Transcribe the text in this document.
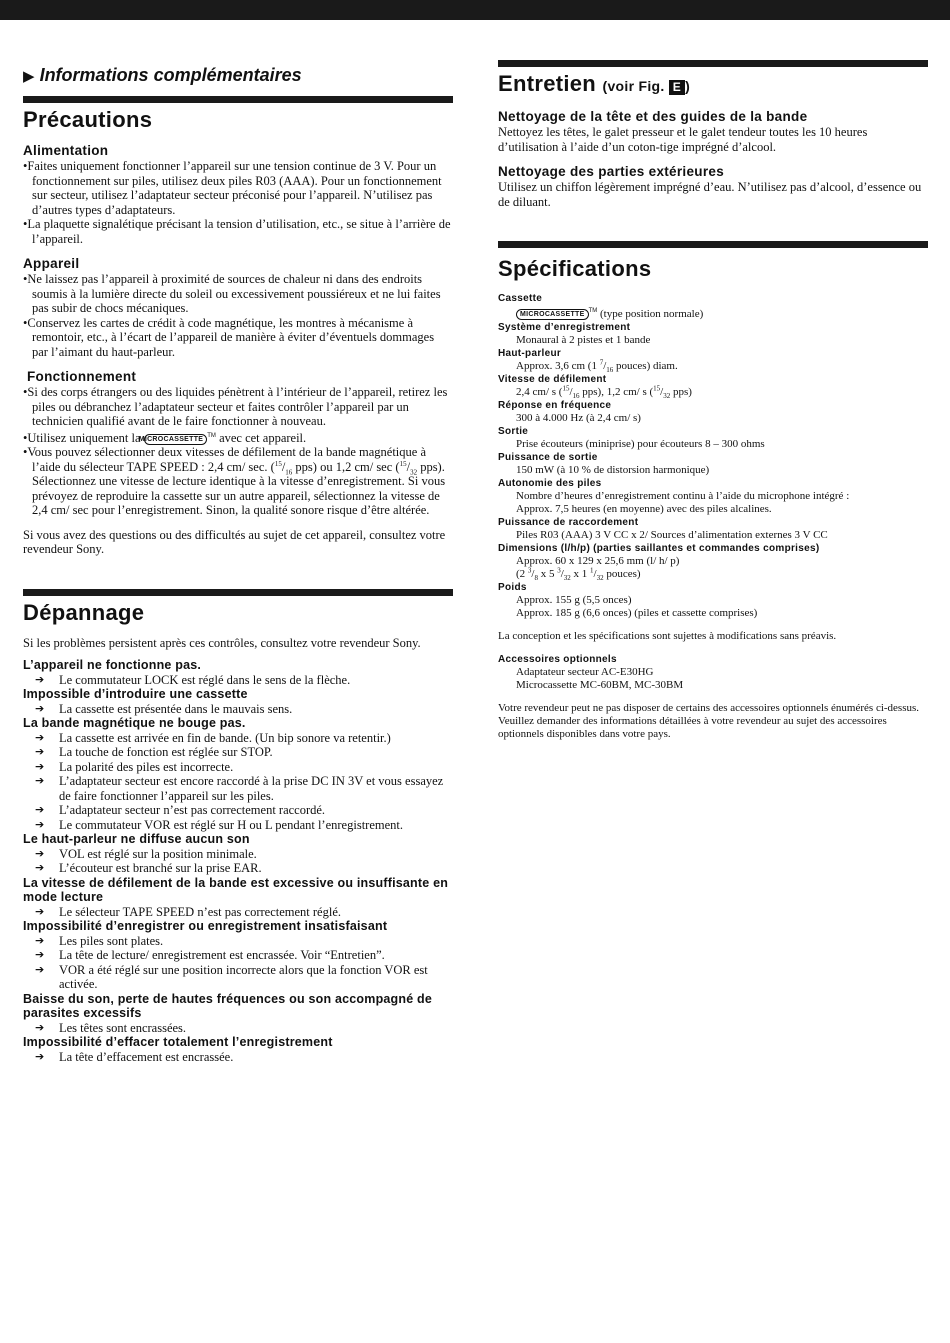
▶ Informations complémentaires
Précautions
Alimentation
• Faites uniquement fonctionner l’appareil sur une tension continue de 3 V. Pour un fonctionnement sur piles, utilisez deux piles R03 (AAA). Pour un fonctionnement sur secteur, utilisez l’adaptateur secteur préconisé pour l’appareil. N’utilisez pas d’autres types d’adaptateurs.
• La plaquette signalétique précisant la tension d’utilisation, etc., se situe à l’arrière de l’appareil.
Appareil
• Ne laissez pas l’appareil à proximité de sources de chaleur ni dans des endroits soumis à la lumière directe du soleil ou excessivement poussiéreux et ne lui faites pas subir de chocs mécaniques.
• Conservez les cartes de crédit à code magnétique, les montres à mécanisme à remontoir, etc., à l’écart de l’appareil de manière à éviter d’éventuels dommages par l’aimant du haut-parleur.
Fonctionnement
• Si des corps étrangers ou des liquides pénètrent à l’intérieur de l’appareil, retirez les piles ou débranchez l’adaptateur secteur et faites contrôler l’appareil par un technicien qualifié avant de le faire fonctionner à nouveau.
• Utilisez uniquement la MICROCASSETTE ™ avec cet appareil.
• Vous pouvez sélectionner deux vitesses de défilement de la bande magnétique à l’aide du sélecteur TAPE SPEED : 2,4 cm/ sec. ($^{15}/_{16}$ pps) ou 1,2 cm/ $\sec (^{15}/_{32}$ pps).
Sélectionnez une vitesse de lecture identique à la vitesse d’enregistrement. Si vous prévoyez de reproduire la cassette sur un autre appareil, sélectionnez la vitesse de 2,4 cm/ sec pour l’enregistrement. Sinon, la qualité sonore risque d’être altérée.

Si vous avez des questions ou des difficultés au sujet de cet appareil, consultez votre revendeur Sony.

Dépannage

Si les problèmes persistent après ces contrôles, consultez votre revendeur Sony.

L’appareil ne fonctionne pas.
➔ Le commutateur LOCK est réglé dans le sens de la flèche.
Impossible d’introduire une cassette
➔ La cassette est présentée dans le mauvais sens.
La bande magnétique ne bouge pas.
➔ La cassette est arrivée en fin de bande. (Un bip sonore va retentir.)
➔ La touche de fonction est réglée sur STOP.
➔ La polarité des piles est incorrecte.
➔ L’adaptateur secteur est encore raccordé à la prise DC IN 3V et vous essayez de faire fonctionner l’appareil sur les piles.
➔ L’adaptateur secteur n’est pas correctement raccordé.
➔ Le commutateur VOR est réglé sur H ou L pendant l’enregistrement.
Le haut-parleur ne diffuse aucun son
➔ VOL est réglé sur la position minimale.
➔ L’écouteur est branché sur la prise EAR.
La vitesse de défilement de la bande est excessive ou insuffisante en mode lecture
➔ Le sélecteur TAPE SPEED n’est pas correctement réglé.
Impossibilité d’enregistrer ou enregistrement insatisfaisant
➔ Les piles sont plates.
➔ La tête de lecture/ enregistrement est encrassée. Voir “Entretien”.
➔ VOR a été réglé sur une position incorrecte alors que la fonction VOR est activée.
Baisse du son, perte de hautes fréquences ou son accompagné de parasites excessifs
➔ Les têtes sont encrassées.
Impossibilité d’effacer totalement l’enregistrement
➔ La tête d’effacement est encrassée.
Entretien (voir Fig. E )
Nettoyage de la tête et des guides de la bande

Nettoyez les têtes, le galet presseur et le galet tendeur toutes les 10 heures d’utilisation à l’aide d’un coton-tige imprégné d’alcool.

Nettoyage des parties extérieures

Utilisez un chiffon légèrement imprégné d’eau. N’utilisez pas d’alcool, d’essence ou de diluant.

Spécifications

Cassette

MICROCASSETTE ™ (type position normale)

Système d’enregistrement

Monaural à 2 pistes et 1 bande

Haut-parleur

Approx. 3,6 cm (1 $^7/_{16}$ pouces) diam.

Vitesse de défilement

2,4 cm/ s ($^{15}/_{16}$ pps), 1,2 cm/ s ($^{15}/_{32}$ pps)

Réponse en fréquence

300 à 4.000 Hz (à 2,4 cm/ s)

Sortie

Prise écouteurs (miniprise) pour écouteurs 8 – 300 ohms

Puissance de sortie

150 mW (à 10 % de distorsion harmonique)

Autonomie des piles

Nombre d’heures d’enregistrement continu à l’aide du microphone intégré :

Approx. 7,5 heures (en moyenne) avec des piles alcalines.

Puissance de raccordement

Piles R03 (AAA) 3 V CC x 2/ Sources d’alimentation externes 3 V CC

Dimensions (l/h/p) (parties saillantes et commandes comprises)

Approx. 60 x 129 x 25,6 mm (l/ h/ p)

(2 $^3/_8$ x 5 $^3/_{32}$ x 1 $^1/_{32}$ pouces)

Poids

Approx. 155 g (5,5 onces)

Approx. 185 g (6,6 onces) (piles et cassette comprises)

La conception et les spécifications sont sujettes à modifications sans préavis.

Accessoires optionnels

Adaptateur secteur AC-E30HG

Microcassette MC-60BM, MC-30BM

Votre revendeur peut ne pas disposer de certains des accessoires optionnels énumérés ci-dessus. Veuillez demander des informations détaillées à votre revendeur au sujet des accessoires optionnels disponibles dans votre pays.
